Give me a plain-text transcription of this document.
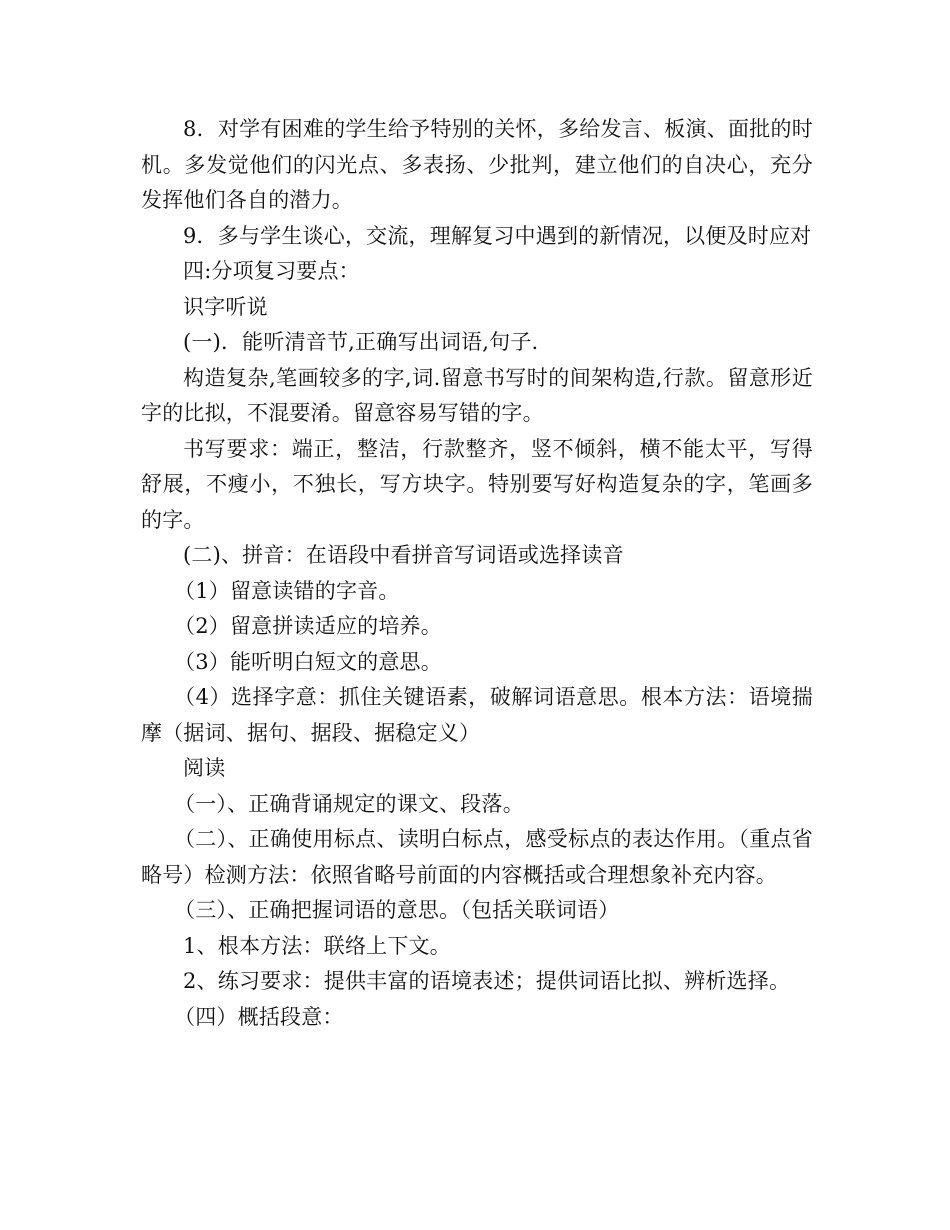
8．对学有困难的学生给予特别的关怀，多给发言、板演、面批的时机。多发觉他们的闪光点、多表扬、少批判，建立他们的自决心，充分发挥他们各自的潜力。

9．多与学生谈心，交流，理解复习中遇到的新情况，以便及时应对

四:分项复习要点：

识字听说

(一)．能听清音节,正确写出词语,句子.

构造复杂,笔画较多的字,词.留意书写时的间架构造,行款。留意形近字的比拟，不混要淆。留意容易写错的字。

书写要求：端正，整洁，行款整齐，竖不倾斜，横不能太平，写得舒展，不瘦小，不独长，写方块字。特别要写好构造复杂的字，笔画多的字。

(二)、拼音：在语段中看拼音写词语或选择读音

（1）留意读错的字音。

（2）留意拼读适应的培养。

（3）能听明白短文的意思。

（4）选择字意：抓住关键语素，破解词语意思。根本方法：语境揣摩（据词、据句、据段、据稳定义）

阅读

（一）、正确背诵规定的课文、段落。

（二）、正确使用标点、读明白标点，感受标点的表达作用。（重点省略号）检测方法：依照省略号前面的内容概括或合理想象补充内容。

（三）、正确把握词语的意思。（包括关联词语）

1、根本方法：联络上下文。

2、练习要求：提供丰富的语境表述；提供词语比拟、辨析选择。

（四）概括段意：
